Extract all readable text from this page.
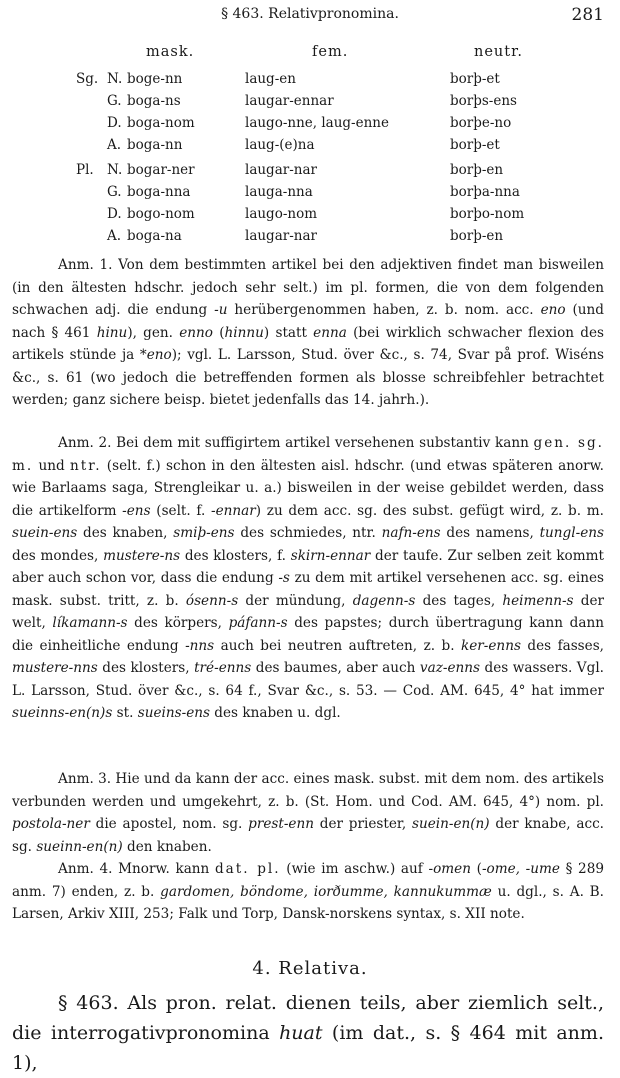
§ 463. Relativpronomina.	281
mask.	fem.	neutr.
Sg. N. boge-nn	laug-en	borþ-et
G. boga-ns	laugar-ennar	borþs-ens
D. boga-nom	laugo-nne, laug-enne	borþe-no
A. boga-nn	laug-(e)na	borþ-et
Pl. N. bogar-ner	laugar-nar	borþ-en
G. boga-nna	lauga-nna	borþa-nna
D. bogo-nom	laugo-nom	borþo-nom
A. boga-na	laugar-nar	borþ-en

Anm. 1. Von dem bestimmten artikel bei den adjektiven findet man bisweilen (in den ältesten hdschr. jedoch sehr selt.) im pl. formen, die von dem folgenden schwachen adj. die endung -u herübergenommen haben, z. b. nom. acc. eno (und nach § 461 hinu), gen. enno (hinnu) statt enna (bei wirklich schwacher flexion des artikels stünde ja *eno); vgl. L. Larsson, Stud. över &c., s. 74, Svar på prof. Wiséns &c., s. 61 (wo jedoch die betreffenden formen als blosse schreibfehler betrachtet werden; ganz sichere beisp. bietet jedenfalls das 14. jahrh.).

Anm. 2. Bei dem mit suffigirtem artikel versehenen substantiv kann gen. sg. m. und ntr. (selt. f.) schon in den ältesten aisl. hdschr. (und etwas späteren anorw. wie Barlaams saga, Strengleikar u. a.) bisweilen in der weise gebildet werden, dass die artikelform -ens (selt. f. -ennar) zu dem acc. sg. des subst. gefügt wird, z. b. m. suein-ens des knaben, smiþ-ens des schmiedes, ntr. nafn-ens des namens, tungl-ens des mondes, mustere-ns des klosters, f. skirn-ennar der taufe. Zur selben zeit kommt aber auch schon vor, dass die endung -s zu dem mit artikel versehenen acc. sg. eines mask. subst. tritt, z. b. ósenn-s der mündung, dagenn-s des tages, heimenn-s der welt, líkamann-s des körpers, páfann-s des papstes; durch übertragung kann dann die einheitliche endung -nns auch bei neutren auftreten, z. b. ker-enns des fasses, mustere-nns des klosters, tré-enns des baumes, aber auch vaz-enns des wassers. Vgl. L. Larsson, Stud. över &c., s. 64 f., Svar &c., s. 53. — Cod. AM. 645, 4° hat immer sueinns-en(n)s st. sueins-ens des knaben u. dgl.

Anm. 3. Hie und da kann der acc. eines mask. subst. mit dem nom. des artikels verbunden werden und umgekehrt, z. b. (St. Hom. und Cod. AM. 645, 4°) nom. pl. postola-ner die apostel, nom. sg. prest-enn der priester, suein-en(n) der knabe, acc. sg. sueinn-en(n) den knaben.

Anm. 4. Mnorw. kann dat. pl. (wie im aschw.) auf -omen (-ome, -ume § 289 anm. 7) enden, z. b. gardomen, böndome, iorðumme, kannukummæ u. dgl., s. A. B. Larsen, Arkiv XIII, 253; Falk und Torp, Dansk-norskens syntax, s. XII note.

4. Relativa.

§ 463. Als pron. relat. dienen teils, aber ziemlich selt., die interrogativpronomina huat (im dat., s. § 464 mit anm. 1),
